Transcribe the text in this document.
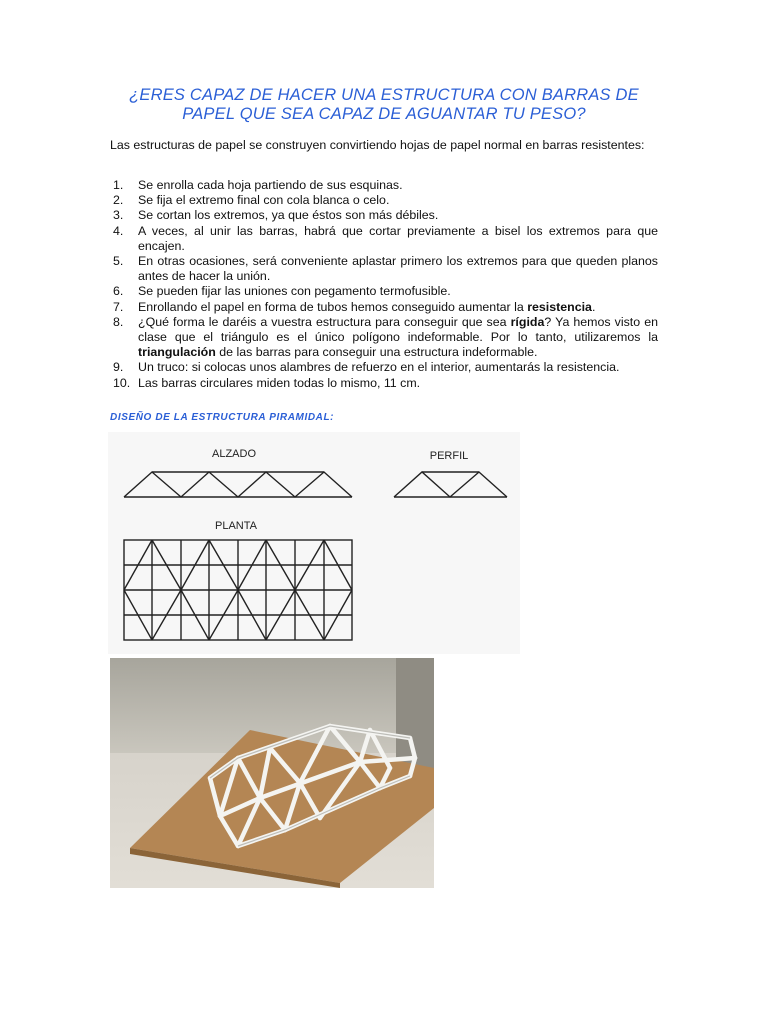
¿ERES CAPAZ DE HACER UNA ESTRUCTURA CON BARRAS DE
PAPEL QUE SEA CAPAZ DE AGUANTAR TU PESO?

Las estructuras de papel se construyen convirtiendo hojas de papel normal en barras resistentes:

1. Se enrolla cada hoja partiendo de sus esquinas.
2. Se fija el extremo final con cola blanca o celo.
3. Se cortan los extremos, ya que éstos son más débiles.
4. A veces, al unir las barras, habrá que cortar previamente a bisel los extremos para que encajen.
5. En otras ocasiones, será conveniente aplastar primero los extremos para que queden planos antes de hacer la unión.
6. Se pueden fijar las uniones con pegamento termofusible.
7. Enrollando el papel en forma de tubos hemos conseguido aumentar la resistencia.
8. ¿Qué forma le daréis a vuestra estructura para conseguir que sea rígida? Ya hemos visto en clase que el triángulo es el único polígono indeformable. Por lo tanto, utilizaremos la triangulación de las barras para conseguir una estructura indeformable.
9. Un truco: si colocas unos alambres de refuerzo en el interior, aumentarás la resistencia.
10. Las barras circulares miden todas lo mismo, 11 cm.
DISEÑO DE LA ESTRUCTURA PIRAMIDAL:
ALZADO	PERFIL
PLANTA
